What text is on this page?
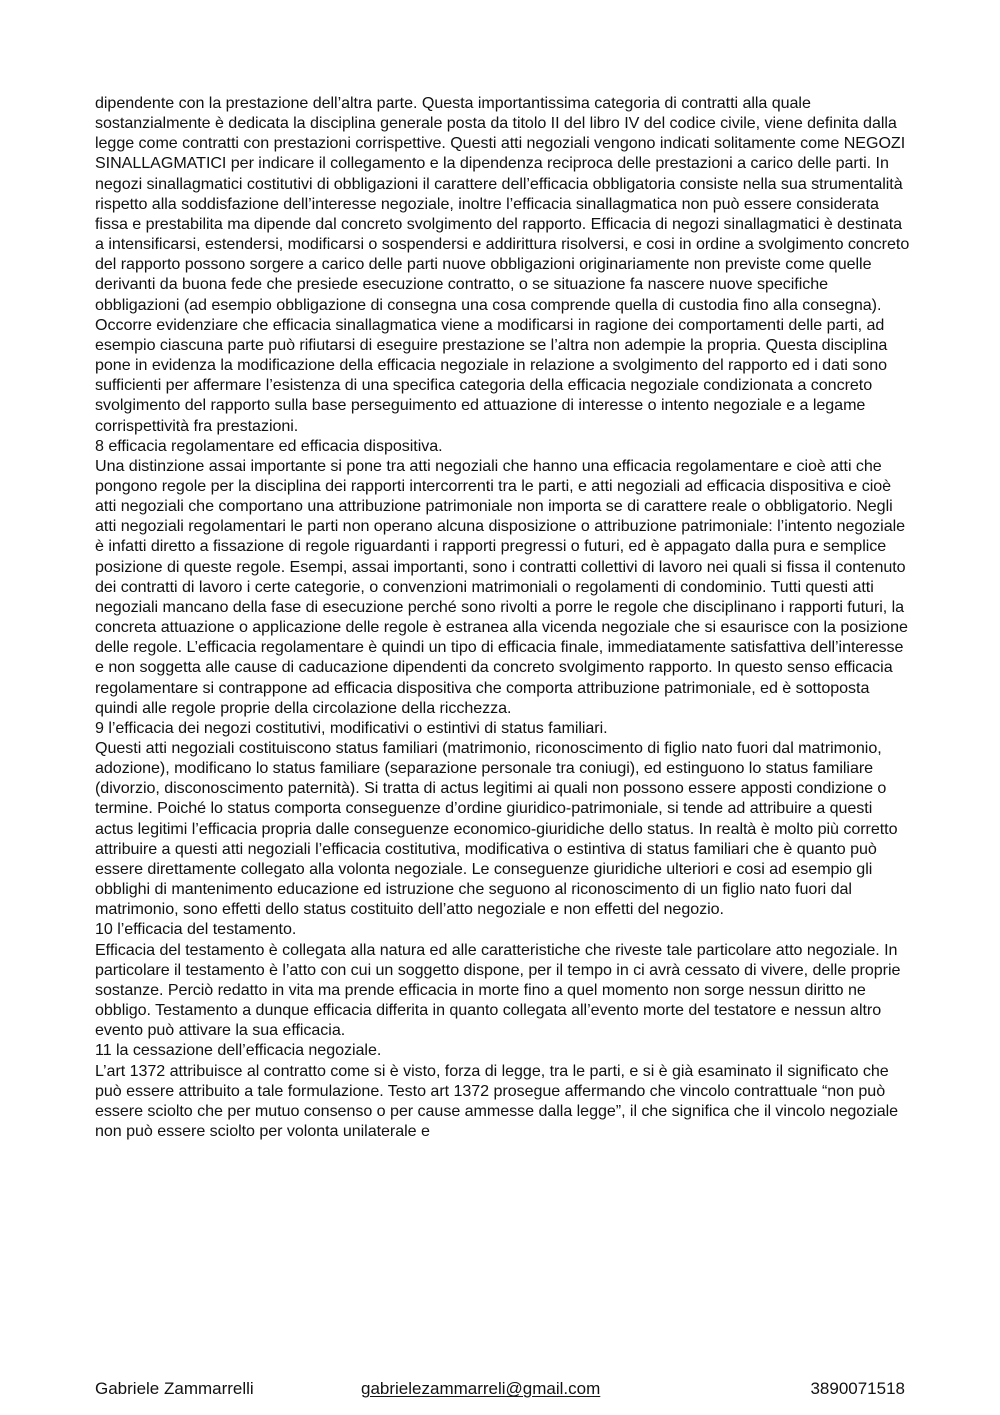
dipendente con la prestazione dell’altra parte. Questa importantissima categoria di contratti alla quale sostanzialmente è dedicata la disciplina generale posta da titolo II del libro IV del codice civile, viene definita dalla legge come contratti con prestazioni corrispettive. Questi atti negoziali vengono indicati solitamente come NEGOZI SINALLAGMATICI per indicare il collegamento e la dipendenza reciproca delle prestazioni a carico delle parti. In negozi sinallagmatici costitutivi di obbligazioni il carattere dell’efficacia obbligatoria consiste nella sua strumentalità rispetto alla soddisfazione dell’interesse negoziale, inoltre l’efficacia sinallagmatica non può essere considerata fissa e prestabilita ma dipende dal concreto svolgimento del rapporto. Efficacia di negozi sinallagmatici è destinata a intensificarsi, estendersi, modificarsi o sospendersi e addirittura risolversi, e cosi in ordine a svolgimento concreto del rapporto possono sorgere a carico delle parti nuove obbligazioni originariamente non previste come quelle derivanti da buona fede che presiede esecuzione contratto, o se situazione fa nascere nuove specifiche obbligazioni (ad esempio obbligazione di consegna una cosa comprende quella di custodia fino alla consegna). Occorre evidenziare che efficacia sinallagmatica viene a modificarsi in ragione dei comportamenti delle parti, ad esempio ciascuna parte può rifiutarsi di eseguire prestazione se l’altra non adempie la propria. Questa disciplina pone in evidenza la modificazione della efficacia negoziale in relazione a svolgimento del rapporto ed i dati sono sufficienti per affermare l’esistenza di una specifica categoria della efficacia negoziale condizionata a concreto svolgimento del rapporto sulla base perseguimento ed attuazione di interesse o intento negoziale e a legame corrispettività fra prestazioni.

8 efficacia regolamentare ed efficacia dispositiva.

Una distinzione assai importante si pone tra atti negoziali che hanno una efficacia regolamentare e cioè atti che pongono regole per la disciplina dei rapporti intercorrenti tra le parti, e atti negoziali ad efficacia dispositiva e cioè atti negoziali che comportano una attribuzione patrimoniale non importa se di carattere reale o obbligatorio. Negli atti negoziali regolamentari le parti non operano alcuna disposizione o attribuzione patrimoniale: l’intento negoziale è infatti diretto a fissazione di regole riguardanti i rapporti pregressi o futuri, ed è appagato dalla pura e semplice posizione di queste regole. Esempi, assai importanti, sono i contratti collettivi di lavoro nei quali si fissa il contenuto dei contratti di lavoro i certe categorie, o convenzioni matrimoniali o regolamenti di condominio. Tutti questi atti negoziali mancano della fase di esecuzione perché sono rivolti a porre le regole che disciplinano i rapporti futuri, la concreta attuazione o applicazione delle regole è estranea alla vicenda negoziale che si esaurisce con la posizione delle regole. L’efficacia regolamentare è quindi un tipo di efficacia finale, immediatamente satisfattiva dell’interesse e non soggetta alle cause di caducazione dipendenti da concreto svolgimento rapporto. In questo senso efficacia regolamentare si contrappone ad efficacia dispositiva che comporta attribuzione patrimoniale, ed è sottoposta quindi alle regole proprie della circolazione della ricchezza.

9 l’efficacia dei negozi costitutivi, modificativi o estintivi di status familiari.

Questi atti negoziali costituiscono status familiari (matrimonio, riconoscimento di figlio nato fuori dal matrimonio, adozione), modificano lo status familiare (separazione personale tra coniugi), ed estinguono lo status familiare (divorzio, disconoscimento paternità). Si tratta di actus legitimi ai quali non possono essere apposti condizione o termine. Poiché lo status comporta conseguenze d’ordine giuridico-patrimoniale, si tende ad attribuire a questi actus legitimi l’efficacia propria dalle conseguenze economico-giuridiche dello status. In realtà è molto più corretto attribuire a questi atti negoziali l’efficacia costitutiva, modificativa o estintiva di status familiari che è quanto può essere direttamente collegato alla volonta negoziale. Le conseguenze giuridiche ulteriori e cosi ad esempio gli obblighi di mantenimento educazione ed istruzione che seguono al riconoscimento di un figlio nato fuori dal matrimonio, sono effetti dello status costituito dell’atto negoziale e non effetti del negozio.

10 l’efficacia del testamento.

Efficacia del testamento è collegata alla natura ed alle caratteristiche che riveste tale particolare atto negoziale. In particolare il testamento è l’atto con cui un soggetto dispone, per il tempo in ci avrà cessato di vivere, delle proprie sostanze. Perciò redatto in vita ma prende efficacia in morte fino a quel momento non sorge nessun diritto ne obbligo. Testamento a dunque efficacia differita in quanto collegata all’evento morte del testatore e nessun altro evento può attivare la sua efficacia.

11 la cessazione dell’efficacia negoziale.

L’art 1372 attribuisce al contratto come si è visto, forza di legge, tra le parti, e si è già esaminato il significato che può essere attribuito a tale formulazione. Testo art 1372 prosegue affermando che vincolo contrattuale “non può essere sciolto che per mutuo consenso o per cause ammesse dalla legge”, il che significa che il vincolo negoziale non può essere sciolto per volonta unilaterale e

Gabriele Zammarrelli	gabrielezammarreli@gmail.com	3890071518
